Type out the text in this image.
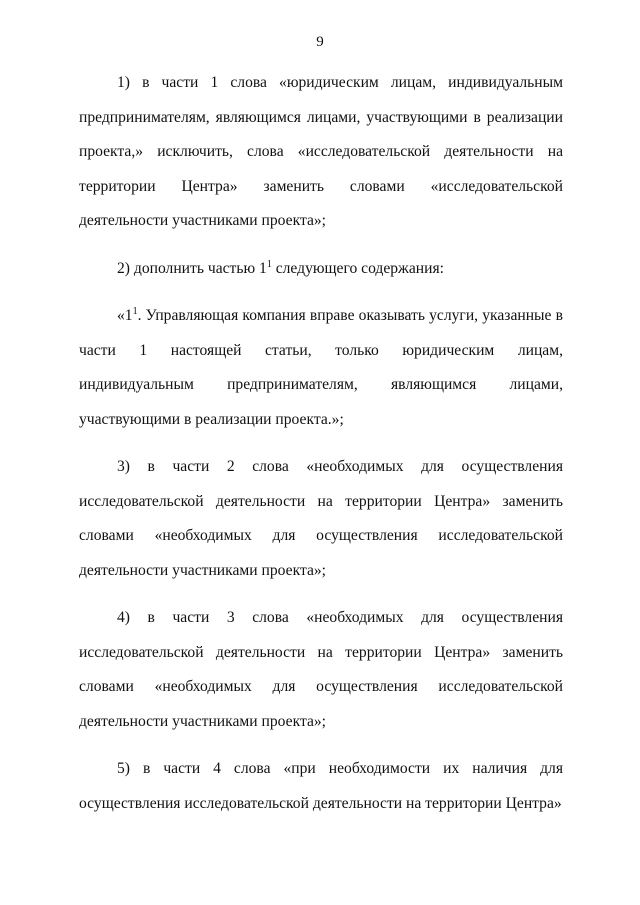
9

1) в части 1 слова «юридическим лицам, индивидуальным предпринимателям, являющимся лицами, участвующими в реализации проекта,» исключить, слова «исследовательской деятельности на территории Центра» заменить словами «исследовательской деятельности участниками проекта»;

2) дополнить частью $1^1$ следующего содержания:

«$1^1$. Управляющая компания вправе оказывать услуги, указанные в части 1 настоящей статьи, только юридическим лицам, индивидуальным предпринимателям, являющимся лицами, участвующими в реализации проекта.»;

3) в части 2 слова «необходимых для осуществления исследовательской деятельности на территории Центра» заменить словами «необходимых для осуществления исследовательской деятельности участниками проекта»;

4) в части 3 слова «необходимых для осуществления исследовательской деятельности на территории Центра» заменить словами «необходимых для осуществления исследовательской деятельности участниками проекта»;

5) в части 4 слова «при необходимости их наличия для осуществления исследовательской деятельности на территории Центра»
